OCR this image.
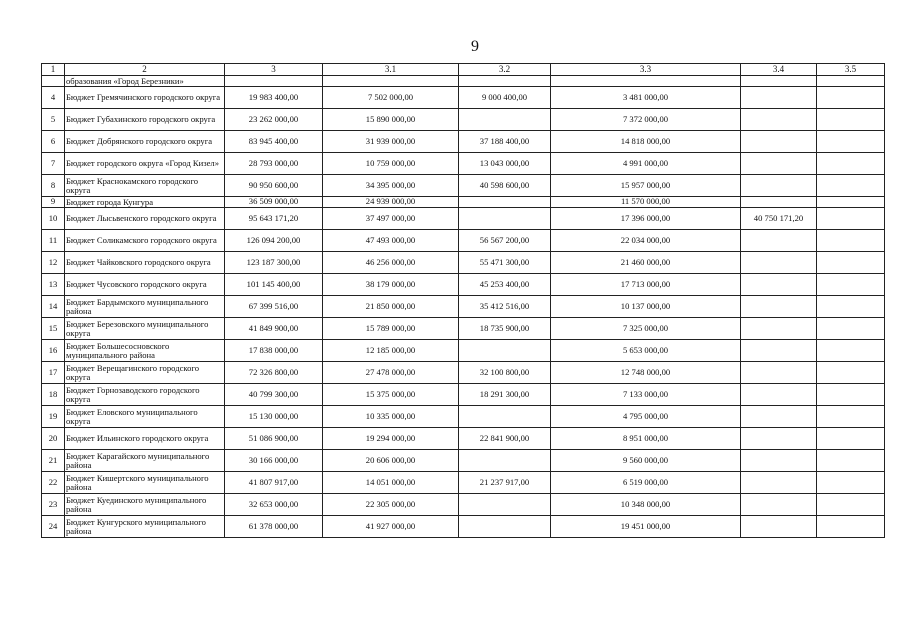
9
1	2	3	3.1	3.2	3.3	3.4	3.5
	образования «Город Березники»						
4	Бюджет Гремячинского городского округа	19 983 400,00	7 502 000,00	9 000 400,00	3 481 000,00		
5	Бюджет Губахинского городского округа	23 262 000,00	15 890 000,00		7 372 000,00		
6	Бюджет Добрянского городского округа	83 945 400,00	31 939 000,00	37 188 400,00	14 818 000,00		
7	Бюджет городского округа «Город Кизел»	28 793 000,00	10 759 000,00	13 043 000,00	4 991 000,00		
8	Бюджет Краснокамского городского округа	90 950 600,00	34 395 000,00	40 598 600,00	15 957 000,00		
9	Бюджет города Кунгура	36 509 000,00	24 939 000,00		11 570 000,00		
10	Бюджет Лысьвенского городского округа	95 643 171,20	37 497 000,00		17 396 000,00	40 750 171,20	
11	Бюджет Соликамского городского округа	126 094 200,00	47 493 000,00	56 567 200,00	22 034 000,00		
12	Бюджет Чайковского городского округа	123 187 300,00	46 256 000,00	55 471 300,00	21 460 000,00		
13	Бюджет Чусовского городского округа	101 145 400,00	38 179 000,00	45 253 400,00	17 713 000,00		
14	Бюджет Бардымского муниципального района	67 399 516,00	21 850 000,00	35 412 516,00	10 137 000,00		
15	Бюджет Березовского муниципального округа	41 849 900,00	15 789 000,00	18 735 900,00	7 325 000,00		
16	Бюджет Большесосновского муниципального района	17 838 000,00	12 185 000,00		5 653 000,00		
17	Бюджет Верещагинского городского округа	72 326 800,00	27 478 000,00	32 100 800,00	12 748 000,00		
18	Бюджет Горнозаводского городского округа	40 799 300,00	15 375 000,00	18 291 300,00	7 133 000,00		
19	Бюджет Еловского муниципального округа	15 130 000,00	10 335 000,00		4 795 000,00		
20	Бюджет Ильинского городского округа	51 086 900,00	19 294 000,00	22 841 900,00	8 951 000,00		
21	Бюджет Карагайского муниципального района	30 166 000,00	20 606 000,00		9 560 000,00		
22	Бюджет Кишертского муниципального района	41 807 917,00	14 051 000,00	21 237 917,00	6 519 000,00		
23	Бюджет Куединского муниципального района	32 653 000,00	22 305 000,00		10 348 000,00		
24	Бюджет Кунгурского муниципального района	61 378 000,00	41 927 000,00		19 451 000,00		
